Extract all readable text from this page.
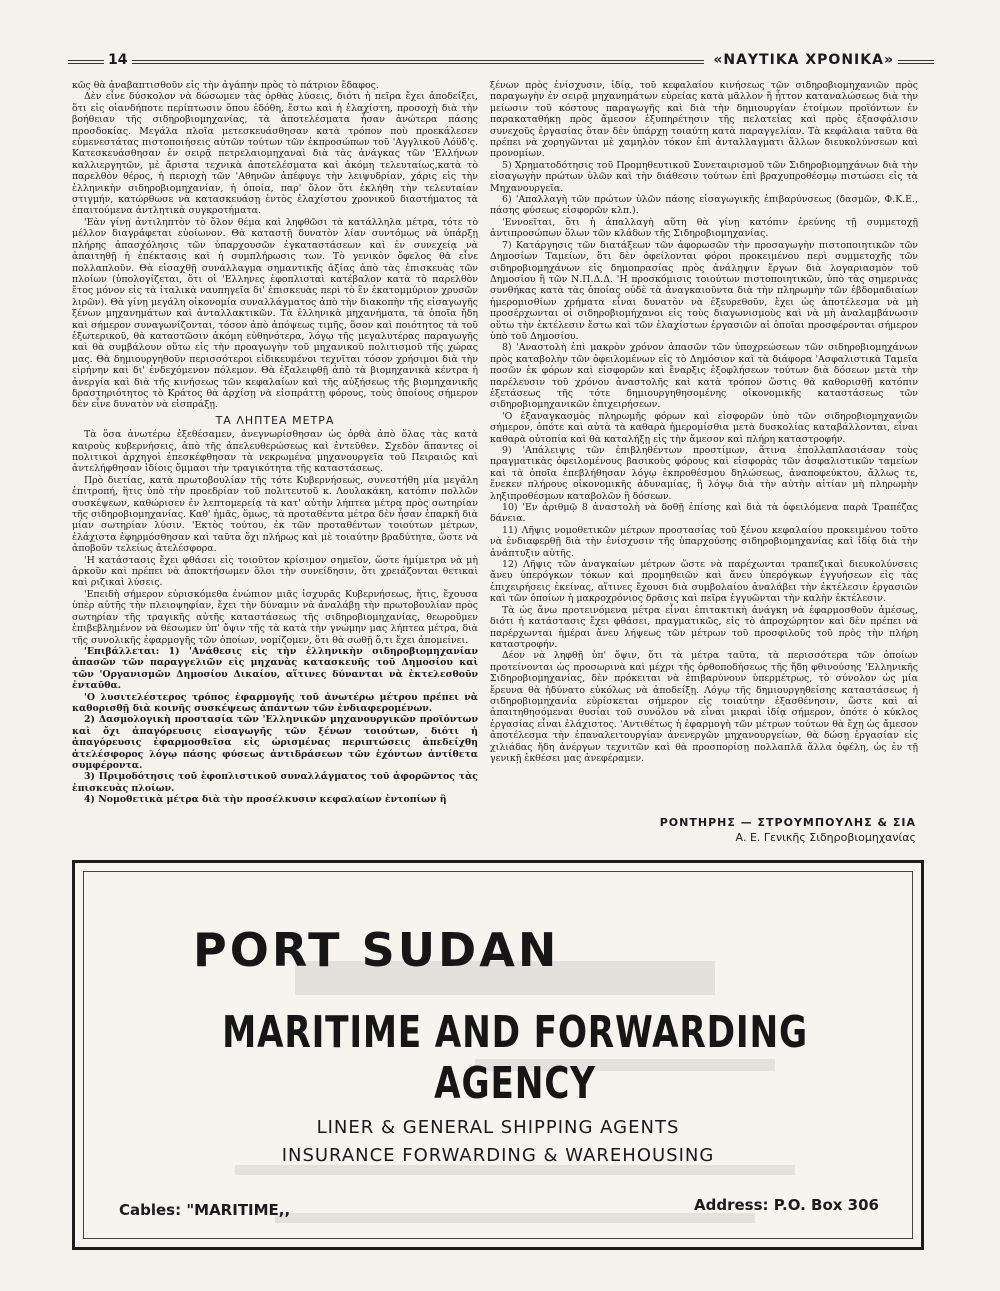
14	«ΝΑΥΤΙΚΑ ΧΡΟΝΙΚΑ»

κῶς θὰ ἀναβαπτισθοῦν εἰς τὴν ἀγάπην πρὸς τὸ πάτριον ἔδαφος.

Δὲν εἶνε δύσκολον νὰ δώσωμεν τὰς ὀρθὰς λύσεις, διότι ἡ πεῖρα ἔχει ἀποδείξει, ὅτι εἰς οἱανδήποτε περίπτωσιν ὅπου ἐδόθη, ἔστω καὶ ἡ ἐλαχίστη, προσοχὴ διὰ τὴν βοήθειαν τῆς σιδηροβιομηχανίας, τὰ ἀποτελέσματα ἦσαν ἀνώτερα πάσης προσδοκίας. Μεγάλα πλοῖα μετεσκευάσθησαν κατὰ τρόπον ποὺ προεκάλεσεν εὐμενεστάτας πιστοποιήσεις αὐτῶν τούτων τῶν ἐκπροσώπων τοῦ 'Αγγλικοῦ Λόϋδ'ς. Κατεσκευάσθησαν ἐν σειρᾷ πετρελαιομηχαναὶ διὰ τὰς ἀνάγκας τῶν 'Ελλήνων καλλιεργητῶν, μὲ ἄριστα τεχνικὰ ἀποτελέσματα καὶ ἀκόμη τελευταίως,κατὰ τὸ παρελθὸν θέρος, ἡ περιοχὴ τῶν 'Αθηνῶν ἀπέφυγε τὴν λειψυδρίαν, χάρις εἰς τὴν ἑλληνικὴν σιδηροβιομηχανίαν, ἡ ὁποία, παρ' ὅλον ὅτι ἐκλήθη τὴν τελευταίαν στιγμήν, κατώρθωσε νὰ κατασκευάσῃ ἐντὸς ἐλαχίστου χρονικοῦ διαστήματος τὰ ἐπαιτούμενα ἀντλητικὰ συγκροτήματα.

'Εὰν γίνῃ ἀντιληπτὸν τὸ ὅλον θέμα καὶ ληφθῶσι τὰ κατάλληλα μέτρα, τότε τὸ μέλλον διαγράφεται εὐοίωνον. Θὰ καταστῇ δυνατὸν λίαν συντόμως νὰ ὑπάρξῃ πλήρης ἀπασχόλησις τῶν ὑπαρχουσῶν ἐγκαταστάσεων καὶ ἐν συνεχείᾳ νὰ ἀπαιτηθῇ ἡ ἐπέκτασις καὶ ἡ συμπλήρωσις των. Τὸ γενικὸν ὄφελος θὰ εἶνε πολλαπλοῦν. Θὰ εἰσαχθῇ συνάλλαγμα σημαντικῆς ἀξίας ἀπὸ τὰς ἐπισκευὰς τῶν πλοίων (ὑπολογίζεται, ὅτι οἱ 'Ελληνες ἐφοπλισταὶ κατέβαλον κατὰ τὸ παρελθὸν ἔτος μόνον εἰς τὰ ἰταλικὰ ναυπηγεῖα δι' ἐπισκευὰς περὶ τὸ ἓν ἑκατομμύριον χρυσῶν λιρῶν). Θὰ γίνῃ μεγάλη οἰκονομία συναλλάγματος ἀπὸ τὴν διακοπὴν τῆς εἰσαγωγῆς ξένων μηχανημάτων καὶ ἀνταλλακτικῶν. Τὰ ἑλληνικὰ μηχανήματα, τὰ ὁποῖα ἤδη καὶ σήμερον συναγωνίζονται, τόσον ἀπὸ ἀπόψεως τιμῆς, ὅσον καὶ ποιότητος τὰ τοῦ ἐξωτερικοῦ, θὰ καταστῶσιν ἀκόμη εὐθηνότερα, λόγῳ τῆς μεγαλυτέρας παραγωγῆς καὶ θὰ συμβάλουν οὕτω εἰς τὴν προαγωγὴν τοῦ μηχανικοῦ πολιτισμοῦ τῆς χώρας μας. Θὰ δημιουργηθοῦν περισσότεροι εἰδικευμένοι τεχνῖται τόσον χρήσιμοι διὰ τὴν εἰρήνην καὶ δι' ἐνδεχόμενον πόλεμον. Θὰ ἐξαλειφθῇ ἀπὸ τὰ βιομηχανικὰ κέντρα ἡ ἀνεργία καὶ διὰ τῆς κινήσεως τῶν κεφαλαίων καὶ τῆς αὐξήσεως τῆς βιομηχανικῆς δραστηριότητος τὸ Κράτος θὰ ἀρχίσῃ νὰ εἰσπράττῃ φόρους, τοὺς ὁποίους σήμερον δὲν εἶνε δυνατὸν νὰ εἰσπράξῃ.

ΤΑ ΛΗΠΤΕΑ ΜΕΤΡΑ

Τὰ ὅσα ἀνωτέρω ἐξεθέσαμεν, ἀνεγνωρίσθησαν ὡς ὀρθὰ ἀπὸ ὅλας τὰς κατὰ καιροὺς κυβερνήσεις, ἀπὸ τῆς ἀπελευθερώσεως καὶ ἐντεῦθεν. Σχεδὸν ἅπαντες οἱ πολιτικοὶ ἀρχηγοὶ ἐπεσκέφθησαν τὰ νεκρωμένα μηχανουργεῖα τοῦ Πειραιῶς καὶ ἀντελήφθησαν ἰδίοις ὄμμασι τὴν τραγικότητα τῆς καταστάσεως.

Πρὸ διετίας, κατὰ πρωτοβουλίαν τῆς τότε Κυβερνήσεως, συνεστήθη μία μεγάλη ἐπιτροπή, ἥτις ὑπὸ τὴν προεδρίαν τοῦ πολιτευτοῦ κ. Λουλακάκη, κατόπιν πολλῶν συσκέψεων, καθώρισεν ἐν λεπτομερείᾳ τὰ κατ' αὐτὴν λήπτεα μέτρα πρὸς σωτηρίαν τῆς σιδηροβιομηχανίας. Καθ' ἡμᾶς, ὅμως, τὰ προταθέντα μέτρα δὲν ἦσαν ἐπαρκῆ διὰ μίαν σωτηρίαν λύσιν. 'Εκτὸς τούτου, ἐκ τῶν προταθέντων τοιούτων μέτρων, ἐλάχιστα ἐφηρμόσθησαν καὶ ταῦτα ὄχι πλήρως καὶ μὲ τοιαύτην βραδύτητα, ὥστε νὰ ἀποβοῦν τελείως ἀτελέσφορα.

'Η κατάστασις ἔχει φθάσει εἰς τοιοῦτον κρίσιμον σημεῖον, ὥστε ἡμίμετρα νὰ μὴ ἀρκοῦν καὶ πρέπει νὰ ἀποκτήσωμεν ὅλοι τὴν συνείδησιν, ὅτι χρειάζονται θετικαὶ καὶ ριζικαὶ λύσεις.

'Επειδὴ σήμερον εὑρισκόμεθα ἐνώπιον μιᾶς ἰσχυρᾶς Κυβερνήσεως, ἥτις, ἔχουσα ὑπὲρ αὐτῆς τὴν πλειοψηφίαν, ἔχει τὴν δύναμιν νὰ ἀναλάβῃ τὴν πρωτοβουλίαν πρὸς σωτηρίαν τῆς τραγικῆς αὐτῆς καταστάσεως τῆς σιδηροβιομηχανίας, θεωροῦμεν ἐπιβεβλημένον νὰ θέσωμεν ὑπ' ὄψιν τῆς τὰ κατὰ τὴν γνώμην μας λήπτεα μέτρα, διὰ τῆς συνολικῆς ἐφαρμογῆς τῶν ὁποίων, νομίζομεν, ὅτι θὰ σωθῇ ὅ,τι ἔχει ἀπομείνει.

'Επιβάλλεται: 1) 'Ανάθεσις εἰς τὴν ἑλληνικὴν σιδηροβιομηχανίαν ἁπασῶν τῶν παραγγελιῶν εἰς μηχανὰς κατασκευῆς τοῦ Δημοσίου καὶ τῶν 'Οργανισμῶν Δημοσίου Δικαίου, αἵτινες δύνανται νὰ ἐκτελεσθοῦν ἐνταῦθα.

'Ο λυσιτελέστερος τρόπος ἐφαρμογῆς τοῦ ἀνωτέρω μέτρου πρέπει νὰ καθορισθῇ διὰ κοινῆς συσκέψεως ἁπάντων τῶν ἐνδιαφερομένων.

2) Δασμολογικὴ προστασία τῶν 'Ελληνικῶν μηχανουργικῶν προϊόντων καὶ ὄχι ἀπαγόρευσις εἰσαγωγῆς τῶν ξένων τοιούτων, διότι ἡ ἀπαγόρευσις ἐφαρμοσθεῖσα εἰς ὡρισμένας περιπτώσεις ἀπεδείχθη ἀτελέσφορος λόγῳ πάσης φύσεως ἀντιδράσεων τῶν ἐχόντων ἀντίθετα συμφέροντα.

3) Πριμοδότησις τοῦ ἐφοπλιστικοῦ συναλλάγματος τοῦ ἀφορῶντος τὰς ἐπισκευὰς πλοίων.

4) Νομοθετικὰ μέτρα διὰ τὴν προσέλκυσιν κεφαλαίων ἐντοπίων ἢ

ξένων πρὸς ἐνίσχυσιν, ἰδίᾳ, τοῦ κεφαλαίου κινήσεως τῶν σιδηροβιομηχανιῶν πρὸς παραγωγὴν ἐν σειρᾷ μηχανημάτων εὐρείας κατὰ μᾶλλον ἢ ἧττον καταναλώσεως διὰ τὴν μείωσιν τοῦ κόστους παραγωγῆς καὶ διὰ τὴν δημιουργίαν ἑτοίμων προϊόντων ἐν παρακαταθήκῃ πρὸς ἄμεσον ἐξυπηρέτησιν τῆς πελατείας καὶ πρὸς ἐξασφάλισιν συνεχοῦς ἐργασίας ὅταν δὲν ὑπάρχῃ τοιαύτη κατὰ παραγγελίαν. Τὰ κεφάλαια ταῦτα θὰ πρέπει νὰ χορηγῶνται μὲ χαμηλὸν τόκον ἐπὶ ἀνταλλαγματι ἄλλων διευκολύνσεων καὶ προνομίων.

5) Χρηματοδότησις τοῦ Προμηθευτικοῦ Συνεταιρισμοῦ τῶν Σιδηροβιομηχάνων διὰ τὴν εἰσαγωγὴν πρώτων ὑλῶν καὶ τὴν διάθεσιν τούτων ἐπὶ βραχυπροθέσμῳ πιστώσει εἰς τὰ Μηχανουργεῖα.

6) 'Απαλλαγὴ τῶν πρώτων ὑλῶν πάσης εἰσαγωγικῆς ἐπιβαρύνσεως (δασμῶν, Φ.Κ.Ε., πάσης φύσεως εἰσφορῶν κλπ.).

'Εννοεῖται, ὅτι ἡ ἀπαλλαγὴ αὕτη θὰ γίνῃ κατόπιν ἐρεύνης τῇ συμμετοχῇ ἀντιπροσώπων ὅλων τῶν κλάδων τῆς Σιδηροβιομηχανίας.

7) Κατάργησις τῶν διατάξεων τῶν ἀφορωσῶν τὴν προσαγωγὴν πιστοποιητικῶν τῶν Δημοσίων Ταμείων, ὅτι δὲν ὀφείλονται φόροι προκειμένου περὶ συμμετοχῆς τῶν σιδηροβιομηχάνων εἰς δημοπρασίας πρὸς ἀνάληψιν ἔργων διὰ λογαριασμὸν τοῦ Δημοσίου ἢ τῶν Ν.Π.Δ.Δ. 'Η προσκόμισις τοιούτων πιστοποιητικῶν, ὑπὸ τὰς σημερινὰς συνθήκας κατὰ τὰς ὁποίας οὐδὲ τὰ ἀναγκαιοῦντα διὰ τὴν πληρωμὴν τῶν ἑβδομαδιαίων ἡμερομισθίων χρήματα εἶναι δυνατὸν νὰ ἐξευρεθοῦν, ἔχει ὡς ἀποτέλεσμα νὰ μὴ προσέρχωνται οἱ σιδηροβιομήχανοι εἰς τοὺς διαγωνισμοὺς καὶ νὰ μὴ ἀναλαμβάνωσιν οὕτω τὴν ἐκτέλεσιν ἔστω καὶ τῶν ἐλαχίστων ἐργασιῶν αἱ ὁποῖαι προσφέρονται σήμερον ὑπὸ τοῦ Δημοσίου.

8) 'Αναστολὴ ἐπὶ μακρὸν χρόνον ἁπασῶν τῶν ὑποχρεώσεων τῶν σιδηροβιομηχάνων πρὸς καταβολὴν τῶν ὀφειλομένων εἰς τὸ Δημόσιον καὶ τὰ διάφορα 'Ασφαλιστικὰ Ταμεῖα ποσῶν ἐκ φόρων καὶ εἰσφορῶν καὶ ἔναρξις ἐξοφλήσεων τούτων διὰ δόσεων μετὰ τὴν παρέλευσιν τοῦ χρόνου ἀναστολῆς καὶ κατὰ τρόπον ὥστις θὰ καθορισθῇ κατόπιν ἐξετάσεως τῆς τότε δημιουργηθησομένης οἰκονομικῆς καταστάσεως τῶν σιδηροβιομηχανικῶν ἐπιχειρήσεων.

'Ο ἐξαναγκασμὸς πληρωμῆς φόρων καὶ εἰσφορῶν ὑπὸ τῶν σιδηροβιομηχανιῶν σήμερον, ὁπότε καὶ αὐτὰ τὰ καθαρὰ ἡμερομίσθια μετὰ δυσκολίας καταβάλλονται, εἶναι καθαρὰ οὐτοπία καὶ θὰ καταλήξῃ εἰς τὴν ἄμεσον καὶ πλήρη καταστροφήν.

9) 'Απάλειψις τῶν ἐπιβληθέντων προστίμων, ἅτινα ἐπολλαπλασιάσαν τοὺς πραγματικὰς ὀφειλομένους βασικοὺς φόρους καὶ εἰσφορὰς τῶν ἀσφαλιστικῶν ταμείων καὶ τὰ ὁποῖα ἐπεβλήθησαν λόγῳ ἐκπροθέσμου δηλώσεως, ἀναποφεύκτου, ἄλλως τε, ἕνεκεν πλήρους οἰκονομικῆς ἀδυναμίας, ἢ λόγῳ διὰ τὴν αὐτὴν αἰτίαν μὴ πληρωμὴν ληξιπροθέσμων καταβολῶν ἢ δόσεων.

10) 'Εν ἀριθμῷ 8 ἀναστολὴ νὰ δοθῇ ἐπίσης καὶ διὰ τὰ ὀφειλόμενα παρὰ Τραπέζας δάνεια.

11) Λῆψις νομοθετικῶν μέτρων προστασίας τοῦ ξένου κεφαλαίου προκειμένου τοῦτο νὰ ἐνδιαφερθῇ διὰ τὴν ἐνίσχυσιν τῆς ὑπαρχούσης σιδηροβιομηχανίας καὶ ἰδίᾳ διὰ τὴν ἀνάπτυξιν αὐτῆς.

12) Λῆψις τῶν ἀναγκαίων μέτρων ὥστε νὰ παρέχωνται τραπεζικαὶ διευκολύνσεις ἄνευ ὑπερόγκων τόκων καὶ προμηθειῶν καὶ ἄνευ ὑπερόγκων ἐγγυήσεων εἰς τὰς ἐπιχειρήσεις ἐκείνας, αἵτινες ἔχουσι διὰ συμβολαίου ἀναλάβει τὴν ἐκτέλεσιν ἐργασιῶν καὶ τῶν ὁποίων ἡ μακροχρόνιος δρᾶσις καὶ πεῖρα ἐγγυῶνται τὴν καλὴν ἐκτέλεσιν.

Τὰ ὡς ἄνω προτεινόμενα μέτρα εἶναι ἐπιτακτικὴ ἀνάγκη νὰ ἐφαρμοσθοῦν ἀμέσως, διότι ἡ κατάστασις ἔχει φθάσει, πραγματικῶς, εἰς τὸ ἀπροχώρητον καὶ δὲν πρέπει νὰ παρέρχωνται ἡμέραι ἄνευ λήψεως τῶν μέτρων τοῦ προσφιλοῦς τοῦ πρὸς τὴν πλήρη καταστροφήν.

Δέον νὰ ληφθῇ ὑπ' ὄψιν, ὅτι τὰ μέτρα ταῦτα, τὰ περισσότερα τῶν ὁποίων προτείνονται ὡς προσωρινὰ καὶ μέχρι τῆς ὀρθοποδήσεως τῆς ἤδη φθινούσης 'Ελληνικῆς Σιδηροβιομηχανίας, δὲν πρόκειται νὰ ἐπιβαρύνουν ὑπερμέτρως, τὸ σύνολον ὡς μία ἔρευνα θὰ ἠδύνατο εὐκόλως νὰ ἀποδείξῃ. Λόγῳ τῆς δημιουργηθείσης καταστάσεως ἡ σιδηροβιομηχανία εὑρίσκεται σήμερον εἰς τοιαύτην ἐξασθένησιν, ὥστε καὶ αἱ ἀπαιτηθησόμεναι θυσίαι τοῦ συνόλου νὰ εἶναι μικραὶ ἰδίᾳ σήμερον, ὁπότε ὁ κύκλος ἐργασίας εἶναι ἐλάχιστος. 'Αντιθέτως ἡ ἐφαρμογὴ τῶν μέτρων τούτων θὰ ἔχῃ ὡς ἄμεσον ἀποτέλεσμα τὴν ἐπαναλειτουργίαν ἀνενεργῶν μηχανουργείων, θὰ δώσῃ ἐργασίαν εἰς χιλιάδας ἤδη ἀνέργων τεχνιτῶν καὶ θὰ προσπορίσῃ πολλαπλᾶ ἄλλα ὀφέλη, ὡς ἐν τῇ γενικῇ ἐκθέσει μας ἀνεφέραμεν.

ΡΟΝΤΗΡΗΣ — ΣΤΡΟΥΜΠΟΥΛΗΣ & ΣΙΑ
Α. Ε. Γενικῆς Σιδηροβιομηχανίας
PORT SUDAN
MARITIME AND FORWARDING AGENCY
LINER & GENERAL SHIPPING AGENTS
INSURANCE FORWARDING & WAREHOUSING
Cables: "MARITIME,,	Address: P.O. Box 306
